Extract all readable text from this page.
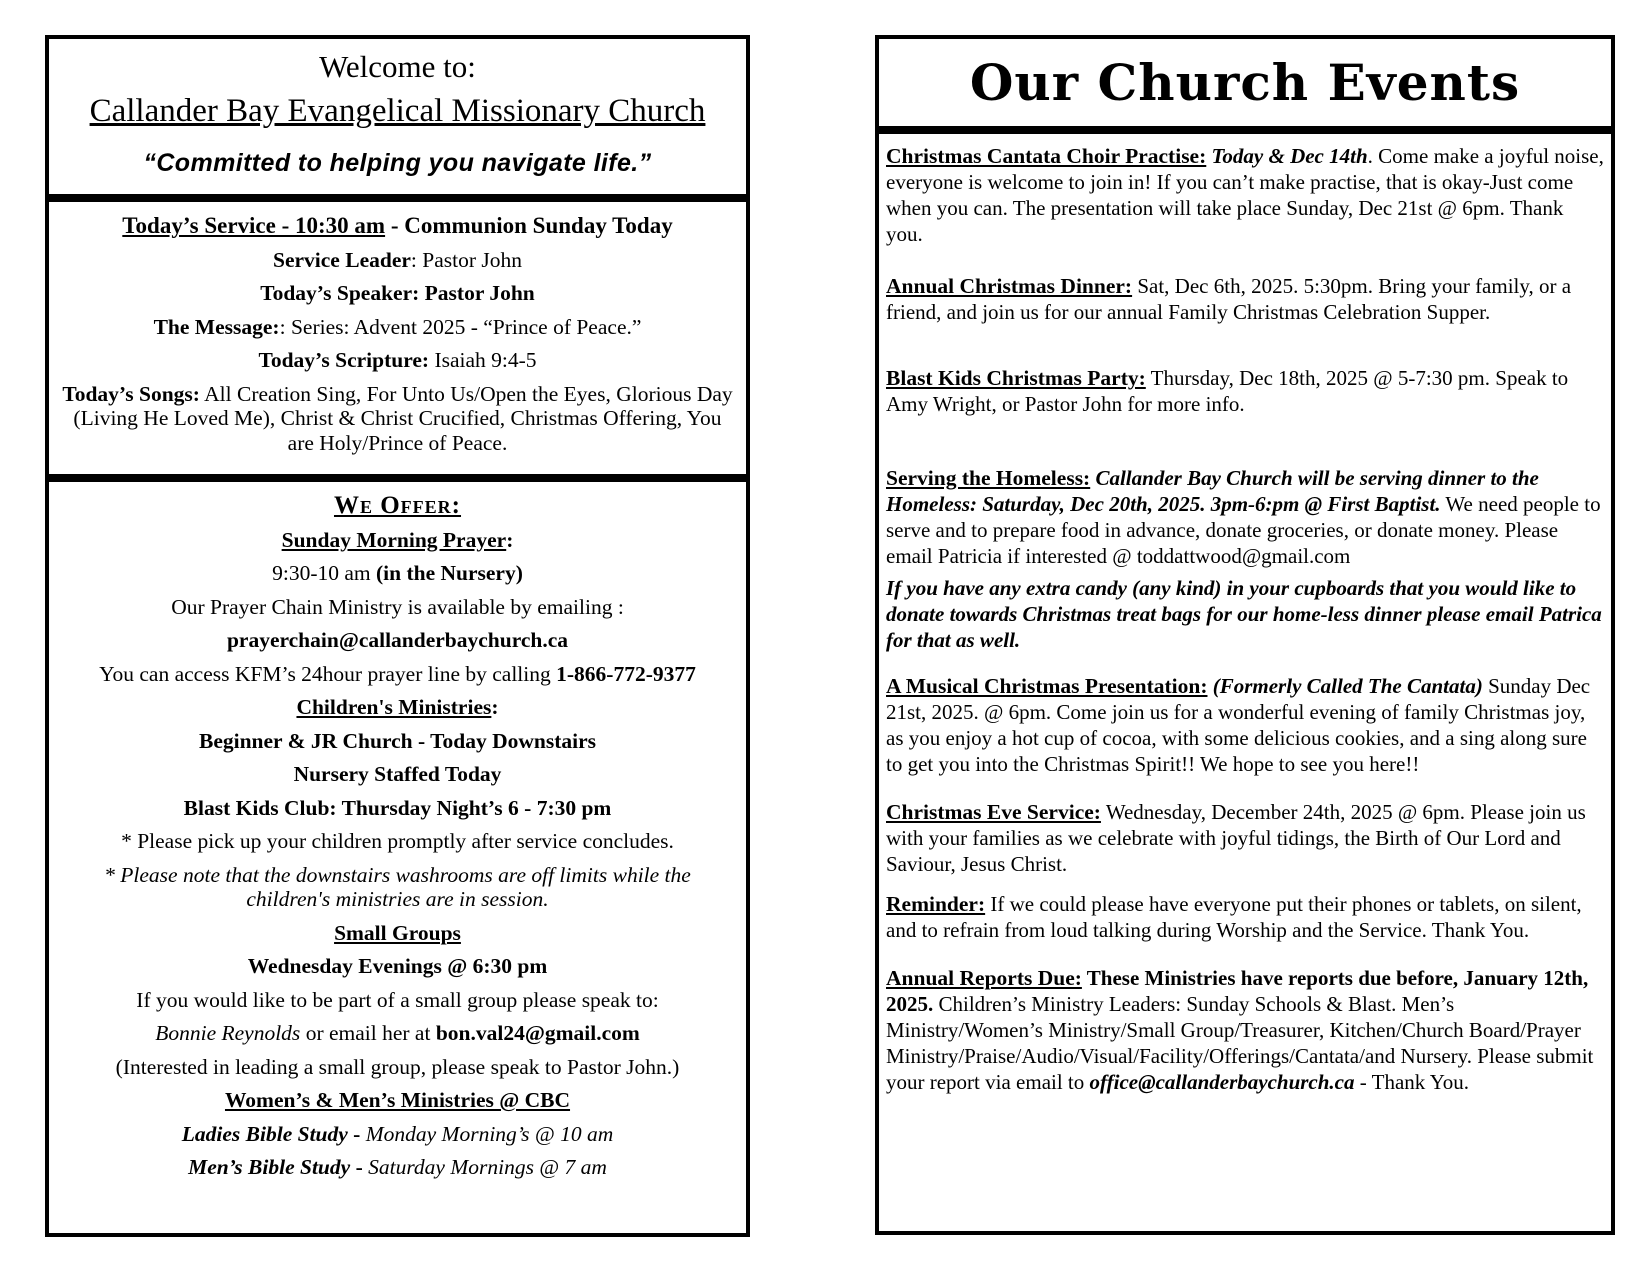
Welcome to:

Callander Bay Evangelical Missionary Church

“Committed to helping you navigate life.”

Today’s Service - 10:30 am - Communion Sunday Today

Service Leader: Pastor John

Today’s Speaker: Pastor John

The Message:: Series: Advent 2025 - “Prince of Peace.”

Today’s Scripture: Isaiah 9:4-5

Today’s Songs: All Creation Sing, For Unto Us/Open the Eyes, Glorious Day (Living He Loved Me), Christ & Christ Crucified, Christmas Offering, You are Holy/Prince of Peace.

We Offer:

Sunday Morning Prayer:

9:30-10 am (in the Nursery)

Our Prayer Chain Ministry is available by emailing :

prayerchain@callanderbaychurch.ca

You can access KFM’s 24hour prayer line by calling 1-866-772-9377

Children's Ministries:

Beginner & JR Church - Today Downstairs

Nursery Staffed Today

Blast Kids Club: Thursday Night’s 6 - 7:30 pm

* Please pick up your children promptly after service concludes.

* Please note that the downstairs washrooms are off limits while the children's ministries are in session.

Small Groups

Wednesday Evenings @ 6:30 pm

If you would like to be part of a small group please speak to:

Bonnie Reynolds or email her at bon.val24@gmail.com

(Interested in leading a small group, please speak to Pastor John.)

Women’s & Men’s Ministries @ CBC

Ladies Bible Study - Monday Morning’s @ 10 am

Men’s Bible Study - Saturday Mornings @ 7 am

Our Church Events

Christmas Cantata Choir Practise: Today & Dec 14th. Come make a joyful noise, everyone is welcome to join in! If you can’t make practise, that is okay-Just come when you can. The presentation will take place Sunday, Dec 21st @ 6pm. Thank you.

Annual Christmas Dinner: Sat, Dec 6th, 2025. 5:30pm. Bring your family, or a friend, and join us for our annual Family Christmas Celebration Supper.

Blast Kids Christmas Party: Thursday, Dec 18th, 2025 @ 5-7:30 pm. Speak to Amy Wright, or Pastor John for more info.

Serving the Homeless: Callander Bay Church will be serving dinner to the Homeless: Saturday, Dec 20th, 2025. 3pm-6:pm @ First Baptist. We need people to serve and to prepare food in advance, donate groceries, or donate money. Please email Patricia if interested @ toddattwood@gmail.com

If you have any extra candy (any kind) in your cupboards that you would like to donate towards Christmas treat bags for our home-less dinner please email Patrica for that as well.

A Musical Christmas Presentation: (Formerly Called The Cantata) Sunday Dec 21st, 2025. @ 6pm. Come join us for a wonderful evening of family Christmas joy, as you enjoy a hot cup of cocoa, with some delicious cookies, and a sing along sure to get you into the Christmas Spirit!! We hope to see you here!!

Christmas Eve Service: Wednesday, December 24th, 2025 @ 6pm. Please join us with your families as we celebrate with joyful tidings, the Birth of Our Lord and Saviour, Jesus Christ.

Reminder: If we could please have everyone put their phones or tablets, on silent, and to refrain from loud talking during Worship and the Service. Thank You.

Annual Reports Due: These Ministries have reports due before, January 12th, 2025. Children’s Ministry Leaders: Sunday Schools & Blast. Men’s Ministry/Women’s Ministry/Small Group/Treasurer, Kitchen/Church Board/Prayer Ministry/Praise/Audio/Visual/Facility/Offerings/Cantata/and Nursery. Please submit your report via email to office@callanderbaychurch.ca - Thank You.
